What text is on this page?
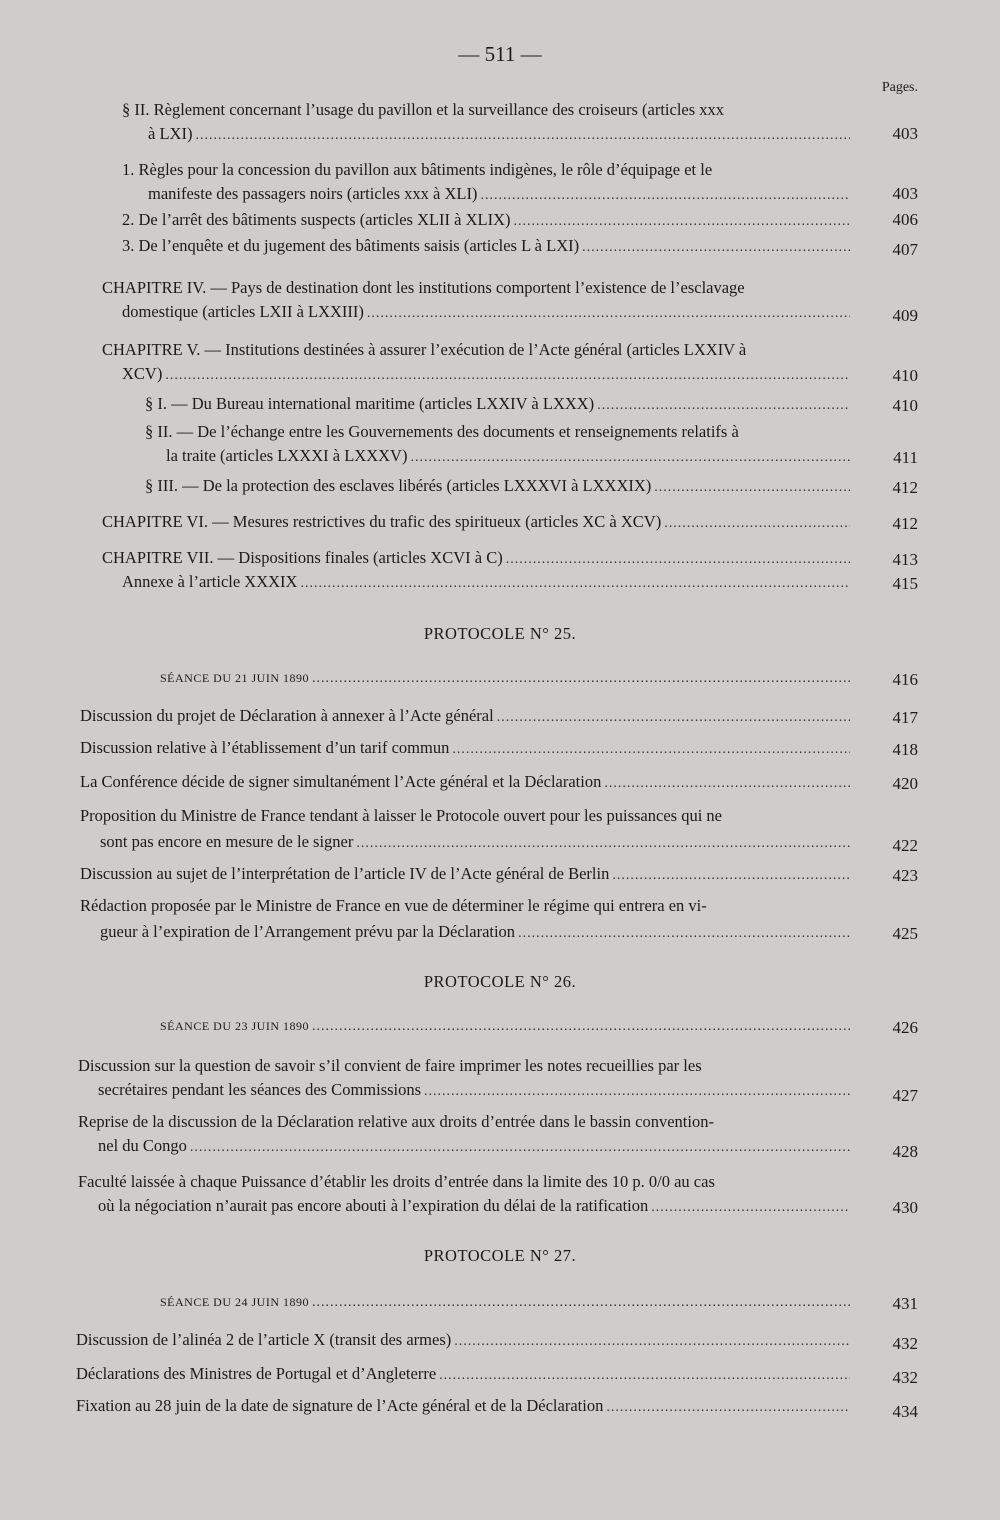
— 511 —
Pages.
§ II. Règlement concernant l’usage du pavillon et la surveillance des croiseurs (articles xxx
à LXI) .....	403
1. Règles pour la concession du pavillon aux bâtiments indigènes, le rôle d’équipage et le
manifeste des passagers noirs (articles xxx à XLI) .....	403
2. De l’arrêt des bâtiments suspects (articles XLII à XLIX) .....	406
3. De l’enquête et du jugement des bâtiments saisis (articles L à LXI) .....	407
CHAPITRE IV. — Pays de destination dont les institutions comportent l’existence de l’esclavage
domestique (articles LXII à LXXIII) .....	409
CHAPITRE V. — Institutions destinées à assurer l’exécution de l’Acte général (articles LXXIV à
XCV) .....	410
§ I. — Du Bureau international maritime (articles LXXIV à LXXX) .....	410
§ II. — De l’échange entre les Gouvernements des documents et renseignements relatifs à
la traite (articles LXXXI à LXXXV) .....	411
§ III. — De la protection des esclaves libérés (articles LXXXVI à LXXXIX) .....	412
CHAPITRE VI. — Mesures restrictives du trafic des spiritueux (articles XC à XCV) .....	412
CHAPITRE VII. — Dispositions finales (articles XCVI à C) .....	413
Annexe à l’article XXXIX .....	415
PROTOCOLE N° 25.
SÉANCE DU 21 JUIN 1890 .....	416
Discussion du projet de Déclaration à annexer à l’Acte général .....	417
Discussion relative à l’établissement d’un tarif commun .....	418
La Conférence décide de signer simultanément l’Acte général et la Déclaration .....	420
Proposition du Ministre de France tendant à laisser le Protocole ouvert pour les puissances qui ne
sont pas encore en mesure de le signer .....	422
Discussion au sujet de l’interprétation de l’article IV de l’Acte général de Berlin .....	423
Rédaction proposée par le Ministre de France en vue de déterminer le régime qui entrera en vi-
gueur à l’expiration de l’Arrangement prévu par la Déclaration .....	425
PROTOCOLE N° 26.
SÉANCE DU 23 JUIN 1890 .....	426
Discussion sur la question de savoir s’il convient de faire imprimer les notes recueillies par les
secrétaires pendant les séances des Commissions .....	427
Reprise de la discussion de la Déclaration relative aux droits d’entrée dans le bassin convention-
nel du Congo .....	428
Faculté laissée à chaque Puissance d’établir les droits d’entrée dans la limite des 10 p. 0/0 au cas
où la négociation n’aurait pas encore abouti à l’expiration du délai de la ratification .....	430
PROTOCOLE N° 27.
SÉANCE DU 24 JUIN 1890 .....	431
Discussion de l’alinéa 2 de l’article X (transit des armes) .....	432
Déclarations des Ministres de Portugal et d’Angleterre .....	432
Fixation au 28 juin de la date de signature de l’Acte général et de la Déclaration .....	434
